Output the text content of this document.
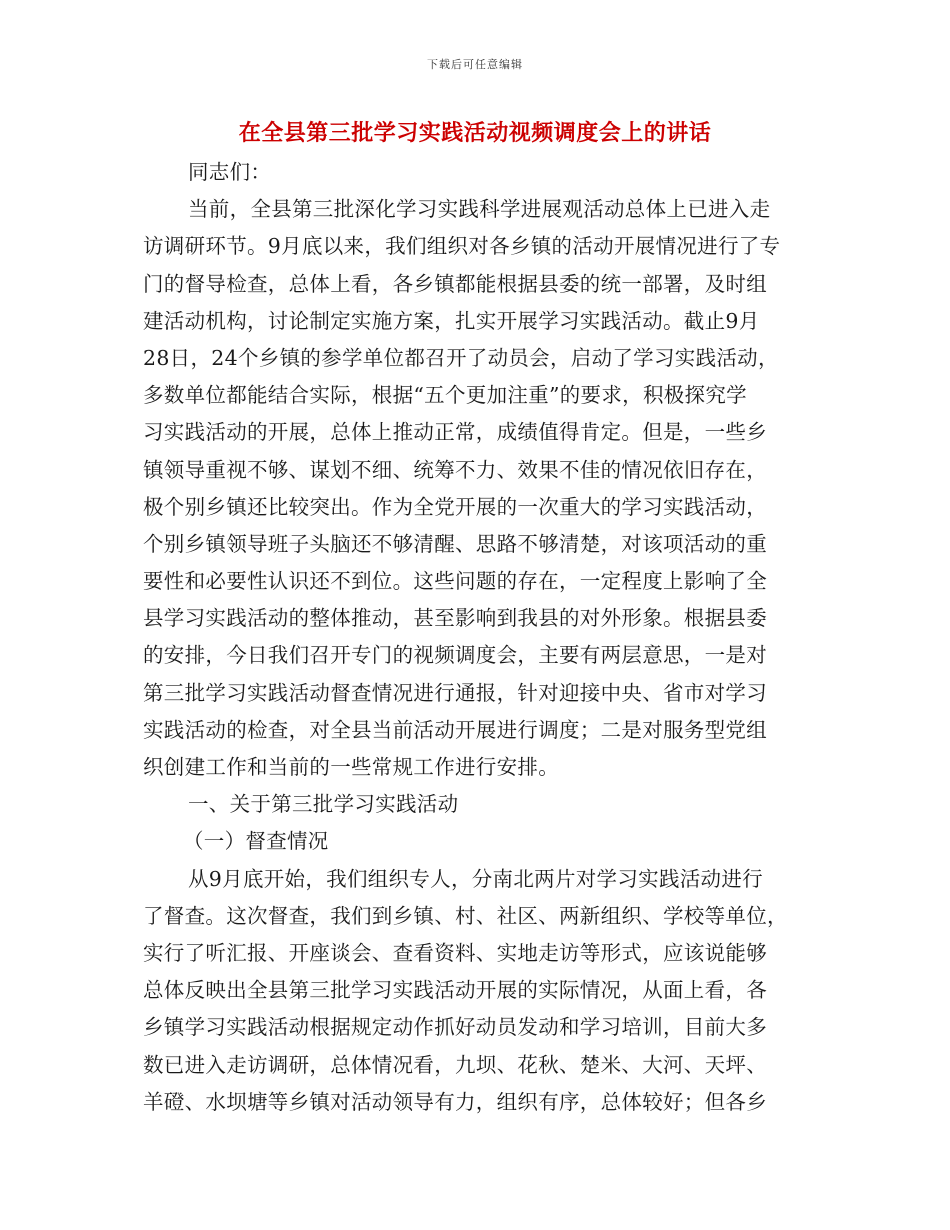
下载后可任意编辑
在全县第三批学习实践活动视频调度会上的讲话
同志们：
当前，全县第三批深化学习实践科学进展观活动总体上已进入走
访调研环节。9月底以来，我们组织对各乡镇的活动开展情况进行了专
门的督导检查，总体上看，各乡镇都能根据县委的统一部署，及时组
建活动机构，讨论制定实施方案，扎实开展学习实践活动。截止9月
28日，24个乡镇的参学单位都召开了动员会，启动了学习实践活动，
多数单位都能结合实际，根据“五个更加注重”的要求，积极探究学
习实践活动的开展，总体上推动正常，成绩值得肯定。但是，一些乡
镇领导重视不够、谋划不细、统筹不力、效果不佳的情况依旧存在，
极个别乡镇还比较突出。作为全党开展的一次重大的学习实践活动，
个别乡镇领导班子头脑还不够清醒、思路不够清楚，对该项活动的重
要性和必要性认识还不到位。这些问题的存在，一定程度上影响了全
县学习实践活动的整体推动，甚至影响到我县的对外形象。根据县委
的安排，今日我们召开专门的视频调度会，主要有两层意思，一是对
第三批学习实践活动督查情况进行通报，针对迎接中央、省市对学习
实践活动的检查，对全县当前活动开展进行调度；二是对服务型党组
织创建工作和当前的一些常规工作进行安排。
一、关于第三批学习实践活动
（一）督查情况
从9月底开始，我们组织专人，分南北两片对学习实践活动进行
了督查。这次督查，我们到乡镇、村、社区、两新组织、学校等单位，
实行了听汇报、开座谈会、查看资料、实地走访等形式，应该说能够
总体反映出全县第三批学习实践活动开展的实际情况，从面上看，各
乡镇学习实践活动根据规定动作抓好动员发动和学习培训，目前大多
数已进入走访调研，总体情况看，九坝、花秋、楚米、大河、天坪、
羊磴、水坝塘等乡镇对活动领导有力，组织有序，总体较好；但各乡
